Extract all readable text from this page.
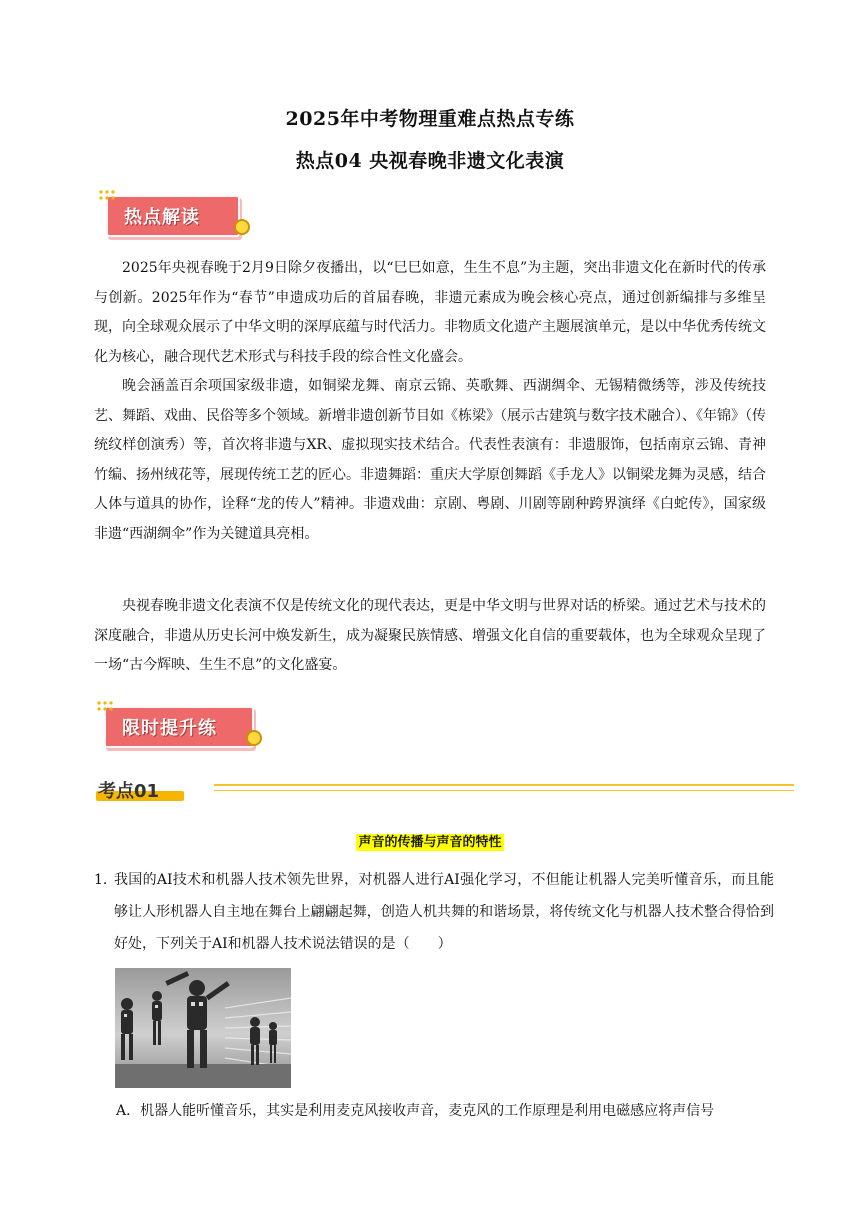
2025年中考物理重难点热点专练
热点04 央视春晚非遗文化表演
热点解读

2025年央视春晚于2月9日除夕夜播出，以“巳巳如意，生生不息”为主题，突出非遗文化在新时代的传承与创新。2025年作为“春节”申遗成功后的首届春晚，非遗元素成为晚会核心亮点，通过创新编排与多维呈现，向全球观众展示了中华文明的深厚底蕴与时代活力。非物质文化遗产主题展演单元，是以中华优秀传统文化为核心，融合现代艺术形式与科技手段的综合性文化盛会。

晚会涵盖百余项国家级非遗，如铜梁龙舞、南京云锦、英歌舞、西湖绸伞、无锡精微绣等，涉及传统技艺、舞蹈、戏曲、民俗等多个领域。新增非遗创新节目如《栋梁》（展示古建筑与数字技术融合）、《年锦》（传统纹样创演秀）等，首次将非遗与XR、虚拟现实技术结合。代表性表演有：非遗服饰，包括南京云锦、青神竹编、扬州绒花等，展现传统工艺的匠心。非遗舞蹈：重庆大学原创舞蹈《手龙人》以铜梁龙舞为灵感，结合人体与道具的协作，诠释“龙的传人”精神。非遗戏曲：京剧、粤剧、川剧等剧种跨界演绎《白蛇传》，国家级非遗“西湖绸伞”作为关键道具亮相。

央视春晚非遗文化表演不仅是传统文化的现代表达，更是中华文明与世界对话的桥梁。通过艺术与技术的深度融合，非遗从历史长河中焕发新生，成为凝聚民族情感、增强文化自信的重要载体，也为全球观众呈现了一场“古今辉映、生生不息”的文化盛宴。

限时提升练
考点01
声音的传播与声音的特性
1. 我国的AI技术和机器人技术领先世界，对机器人进行AI强化学习，不但能让机器人完美听懂音乐，而且能够让人形机器人自主地在舞台上翩翩起舞，创造人机共舞的和谐场景，将传统文化与机器人技术整合得恰到好处，下列关于AI和机器人技术说法错误的是（　　）

A．机器人能听懂音乐，其实是利用麦克风接收声音，麦克风的工作原理是利用电磁感应将声信号
